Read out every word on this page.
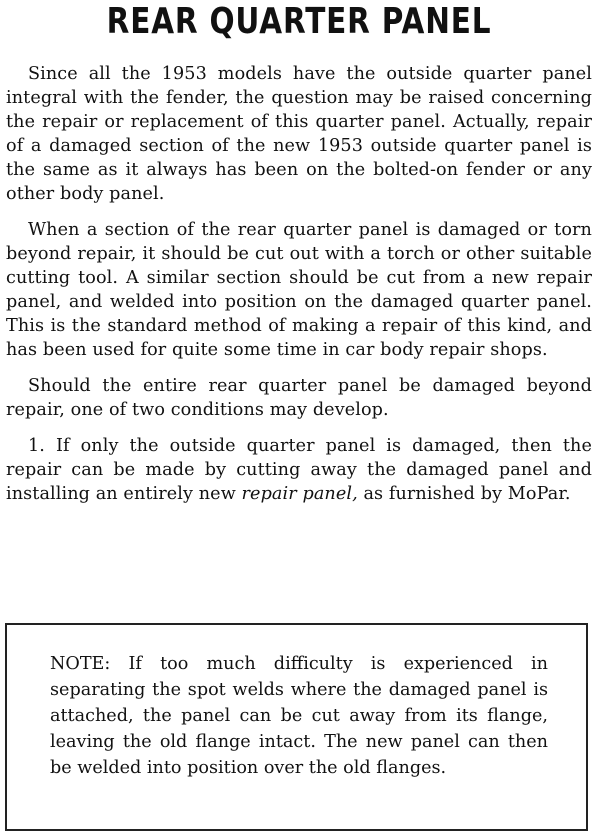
REAR QUARTER PANEL

Since all the 1953 models have the outside quarter panel integral with the fender, the question may be raised concerning the repair or replacement of this quarter panel. Actually, repair of a damaged section of the new 1953 outside quarter panel is the same as it always has been on the bolted-on fender or any other body panel.

When a section of the rear quarter panel is damaged or torn beyond repair, it should be cut out with a torch or other suitable cutting tool. A similar section should be cut from a new repair panel, and welded into position on the damaged quarter panel. This is the standard method of making a repair of this kind, and has been used for quite some time in car body repair shops.

Should the entire rear quarter panel be damaged beyond repair, one of two conditions may develop.

1. If only the outside quarter panel is damaged, then the repair can be made by cutting away the damaged panel and installing an entirely new repair panel, as furnished by MoPar.

NOTE: If too much difficulty is experienced in separating the spot welds where the damaged panel is attached, the panel can be cut away from its flange, leaving the old flange intact. The new panel can then be welded into position over the old flanges.
